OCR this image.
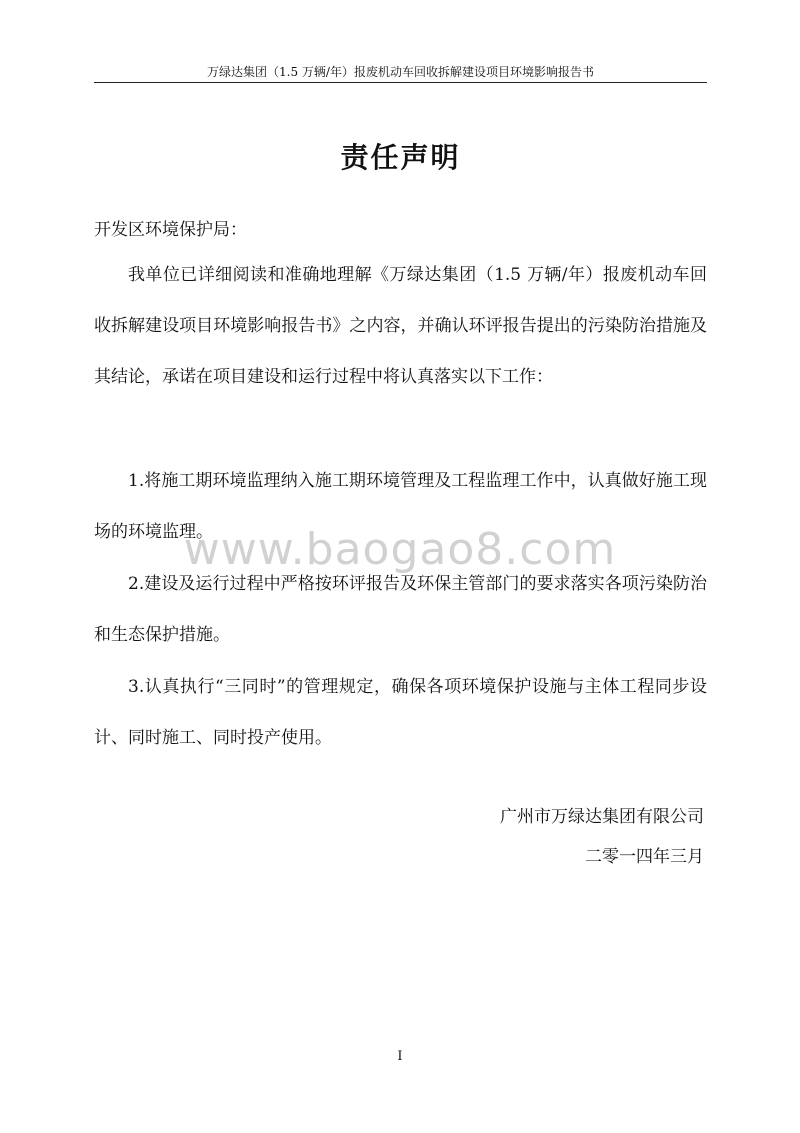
万绿达集团（1.5 万辆/年）报废机动车回收拆解建设项目环境影响报告书
责任声明

开发区环境保护局：

我单位已详细阅读和准确地理解《万绿达集团（1.5 万辆/年）报废机动车回收拆解建设项目环境影响报告书》之内容，并确认环评报告提出的污染防治措施及其结论，承诺在项目建设和运行过程中将认真落实以下工作：

1.将施工期环境监理纳入施工期环境管理及工程监理工作中，认真做好施工现场的环境监理。

2.建设及运行过程中严格按环评报告及环保主管部门的要求落实各项污染防治和生态保护措施。

3.认真执行“三同时”的管理规定，确保各项环境保护设施与主体工程同步设计、同时施工、同时投产使用。

www.baogao8.com

广州市万绿达集团有限公司

二零一四年三月

I
